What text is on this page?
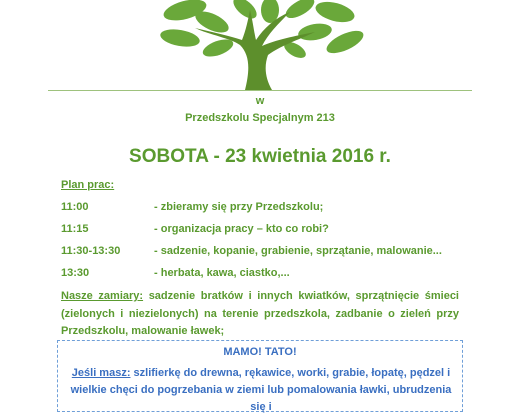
w
Przedszkolu Specjalnym 213
SOBOTA - 23 kwietnia 2016 r.
Plan prac:
11:00	- zbieramy się przy Przedszkolu;
11:15	- organizacja pracy – kto co robi?
11:30-13:30	- sadzenie, kopanie, grabienie, sprzątanie, malowanie...
13:30	- herbata, kawa, ciastko,...
Nasze zamiary: sadzenie bratków i innych kwiatków, sprzątnięcie śmieci (zielonych i niezielonych) na terenie przedszkola, zadbanie o zieleń przy Przedszkolu, malowanie ławek;
MAMO! TATO!
Jeśli masz: szlifierkę do drewna, rękawice, worki, grabie, łopatę, pędzel i wielkie chęci do pogrzebania w ziemi lub pomalowania ławki, ubrudzenia się i
